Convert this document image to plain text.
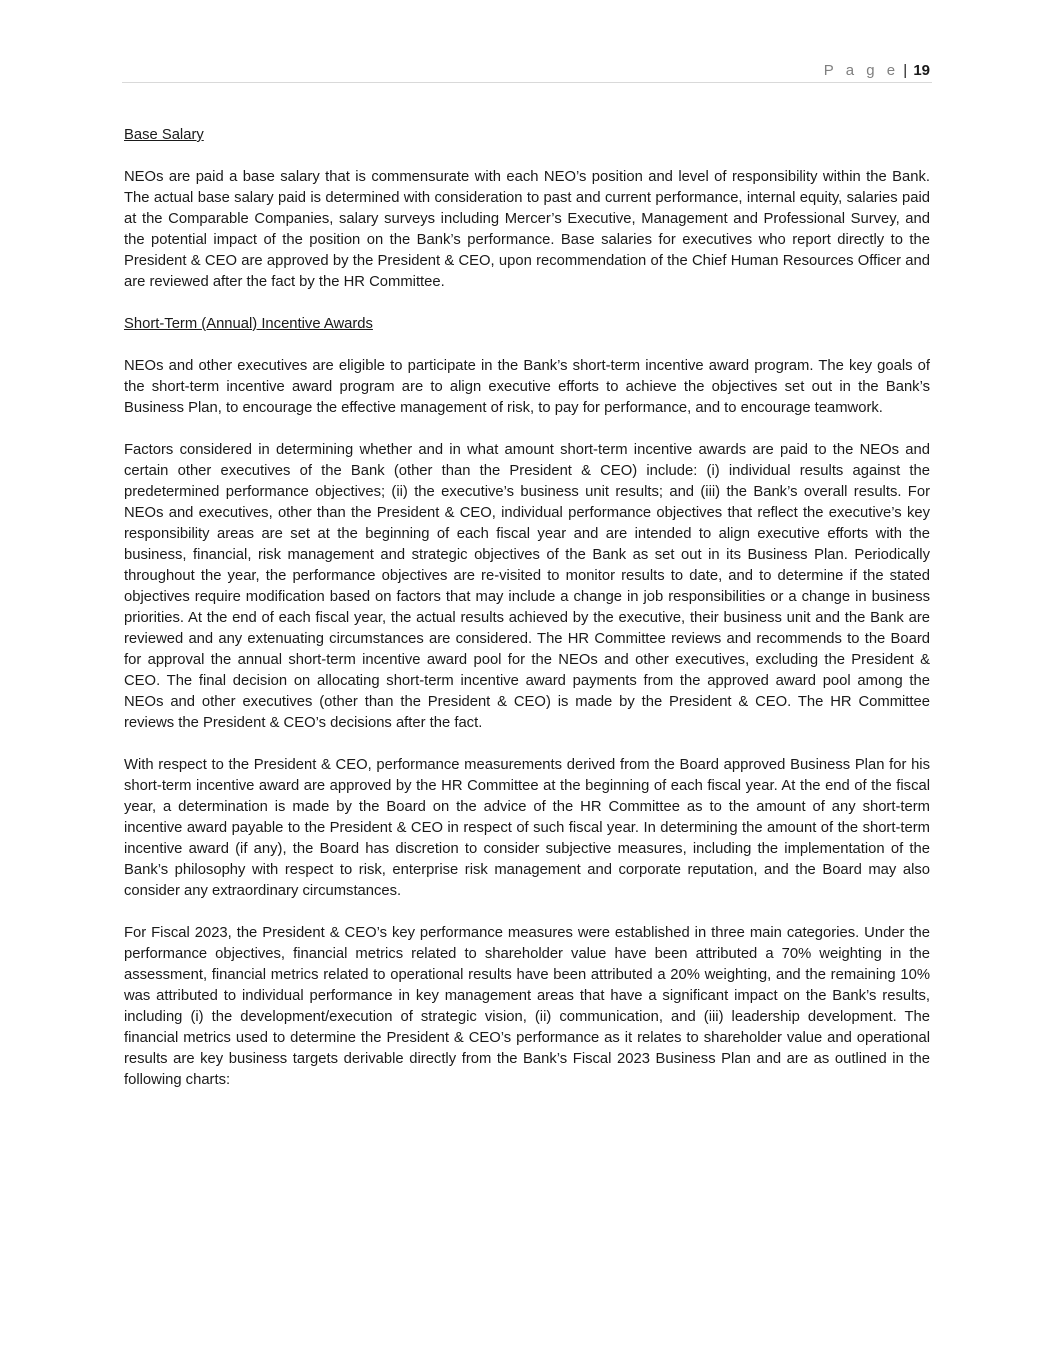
P a g e | 19
Base Salary

NEOs are paid a base salary that is commensurate with each NEO’s position and level of responsibility within the Bank. The actual base salary paid is determined with consideration to past and current performance, internal equity, salaries paid at the Comparable Companies, salary surveys including Mercer’s Executive, Management and Professional Survey, and the potential impact of the position on the Bank’s performance. Base salaries for executives who report directly to the President & CEO are approved by the President & CEO, upon recommendation of the Chief Human Resources Officer and are reviewed after the fact by the HR Committee.

Short-Term (Annual) Incentive Awards

NEOs and other executives are eligible to participate in the Bank’s short-term incentive award program. The key goals of the short-term incentive award program are to align executive efforts to achieve the objectives set out in the Bank’s Business Plan, to encourage the effective management of risk, to pay for performance, and to encourage teamwork.

Factors considered in determining whether and in what amount short-term incentive awards are paid to the NEOs and certain other executives of the Bank (other than the President & CEO) include: (i) individual results against the predetermined performance objectives; (ii) the executive’s business unit results; and (iii) the Bank’s overall results. For NEOs and executives, other than the President & CEO, individual performance objectives that reflect the executive’s key responsibility areas are set at the beginning of each fiscal year and are intended to align executive efforts with the business, financial, risk management and strategic objectives of the Bank as set out in its Business Plan. Periodically throughout the year, the performance objectives are re-visited to monitor results to date, and to determine if the stated objectives require modification based on factors that may include a change in job responsibilities or a change in business priorities. At the end of each fiscal year, the actual results achieved by the executive, their business unit and the Bank are reviewed and any extenuating circumstances are considered. The HR Committee reviews and recommends to the Board for approval the annual short-term incentive award pool for the NEOs and other executives, excluding the President & CEO. The final decision on allocating short-term incentive award payments from the approved award pool among the NEOs and other executives (other than the President & CEO) is made by the President & CEO. The HR Committee reviews the President & CEO’s decisions after the fact.

With respect to the President & CEO, performance measurements derived from the Board approved Business Plan for his short-term incentive award are approved by the HR Committee at the beginning of each fiscal year. At the end of the fiscal year, a determination is made by the Board on the advice of the HR Committee as to the amount of any short-term incentive award payable to the President & CEO in respect of such fiscal year. In determining the amount of the short-term incentive award (if any), the Board has discretion to consider subjective measures, including the implementation of the Bank’s philosophy with respect to risk, enterprise risk management and corporate reputation, and the Board may also consider any extraordinary circumstances.

For Fiscal 2023, the President & CEO’s key performance measures were established in three main categories. Under the performance objectives, financial metrics related to shareholder value have been attributed a 70% weighting in the assessment, financial metrics related to operational results have been attributed a 20% weighting, and the remaining 10% was attributed to individual performance in key management areas that have a significant impact on the Bank’s results, including (i) the development/execution of strategic vision, (ii) communication, and (iii) leadership development. The financial metrics used to determine the President & CEO’s performance as it relates to shareholder value and operational results are key business targets derivable directly from the Bank’s Fiscal 2023 Business Plan and are as outlined in the following charts:
